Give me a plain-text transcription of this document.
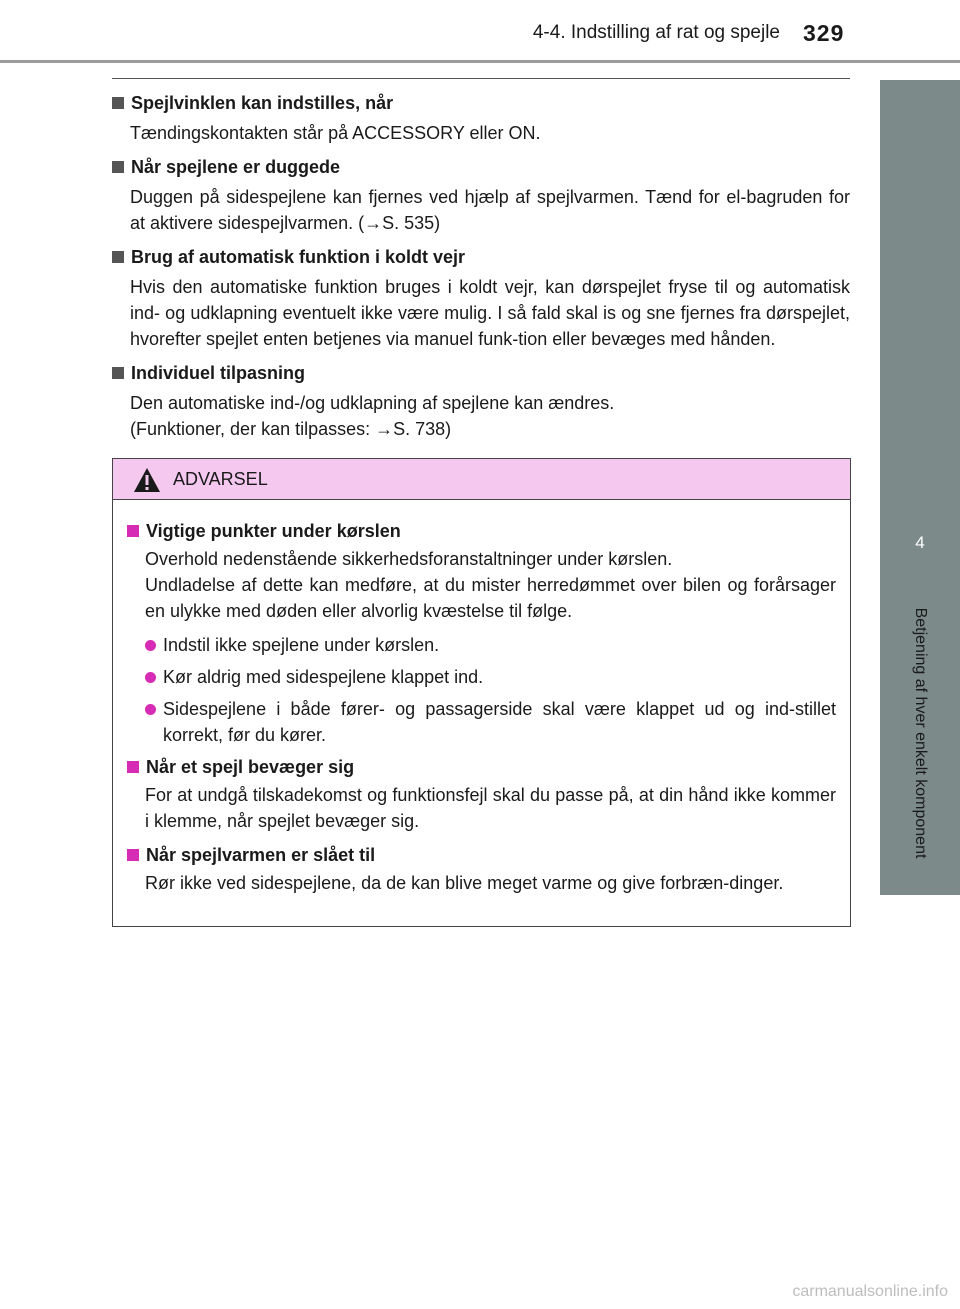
4-4. Indstilling af rat og spejle 329
4
Betjening af hver enkelt komponent
Spejlvinklen kan indstilles, når
Tændingskontakten står på ACCESSORY eller ON.
Når spejlene er duggede
Duggen på sidespejlene kan fjernes ved hjælp af spejlvarmen. Tænd for el-bagruden for at aktivere sidespejlvarmen. (→S. 535)
Brug af automatisk funktion i koldt vejr
Hvis den automatiske funktion bruges i koldt vejr, kan dørspejlet fryse til og automatisk ind- og udklapning eventuelt ikke være mulig. I så fald skal is og sne fjernes fra dørspejlet, hvorefter spejlet enten betjenes via manuel funk-tion eller bevæges med hånden.
Individuel tilpasning
Den automatiske ind-/og udklapning af spejlene kan ændres.
(Funktioner, der kan tilpasses: →S. 738)
ADVARSEL
Vigtige punkter under kørslen
Overhold nedenstående sikkerhedsforanstaltninger under kørslen.
Undladelse af dette kan medføre, at du mister herredømmet over bilen og forårsager en ulykke med døden eller alvorlig kvæstelse til følge.
Indstil ikke spejlene under kørslen.
Kør aldrig med sidespejlene klappet ind.
Sidespejlene i både fører- og passagerside skal være klappet ud og ind-stillet korrekt, før du kører.
Når et spejl bevæger sig
For at undgå tilskadekomst og funktionsfejl skal du passe på, at din hånd ikke kommer i klemme, når spejlet bevæger sig.
Når spejlvarmen er slået til
Rør ikke ved sidespejlene, da de kan blive meget varme og give forbræn-dinger.
carmanualsonline.info
